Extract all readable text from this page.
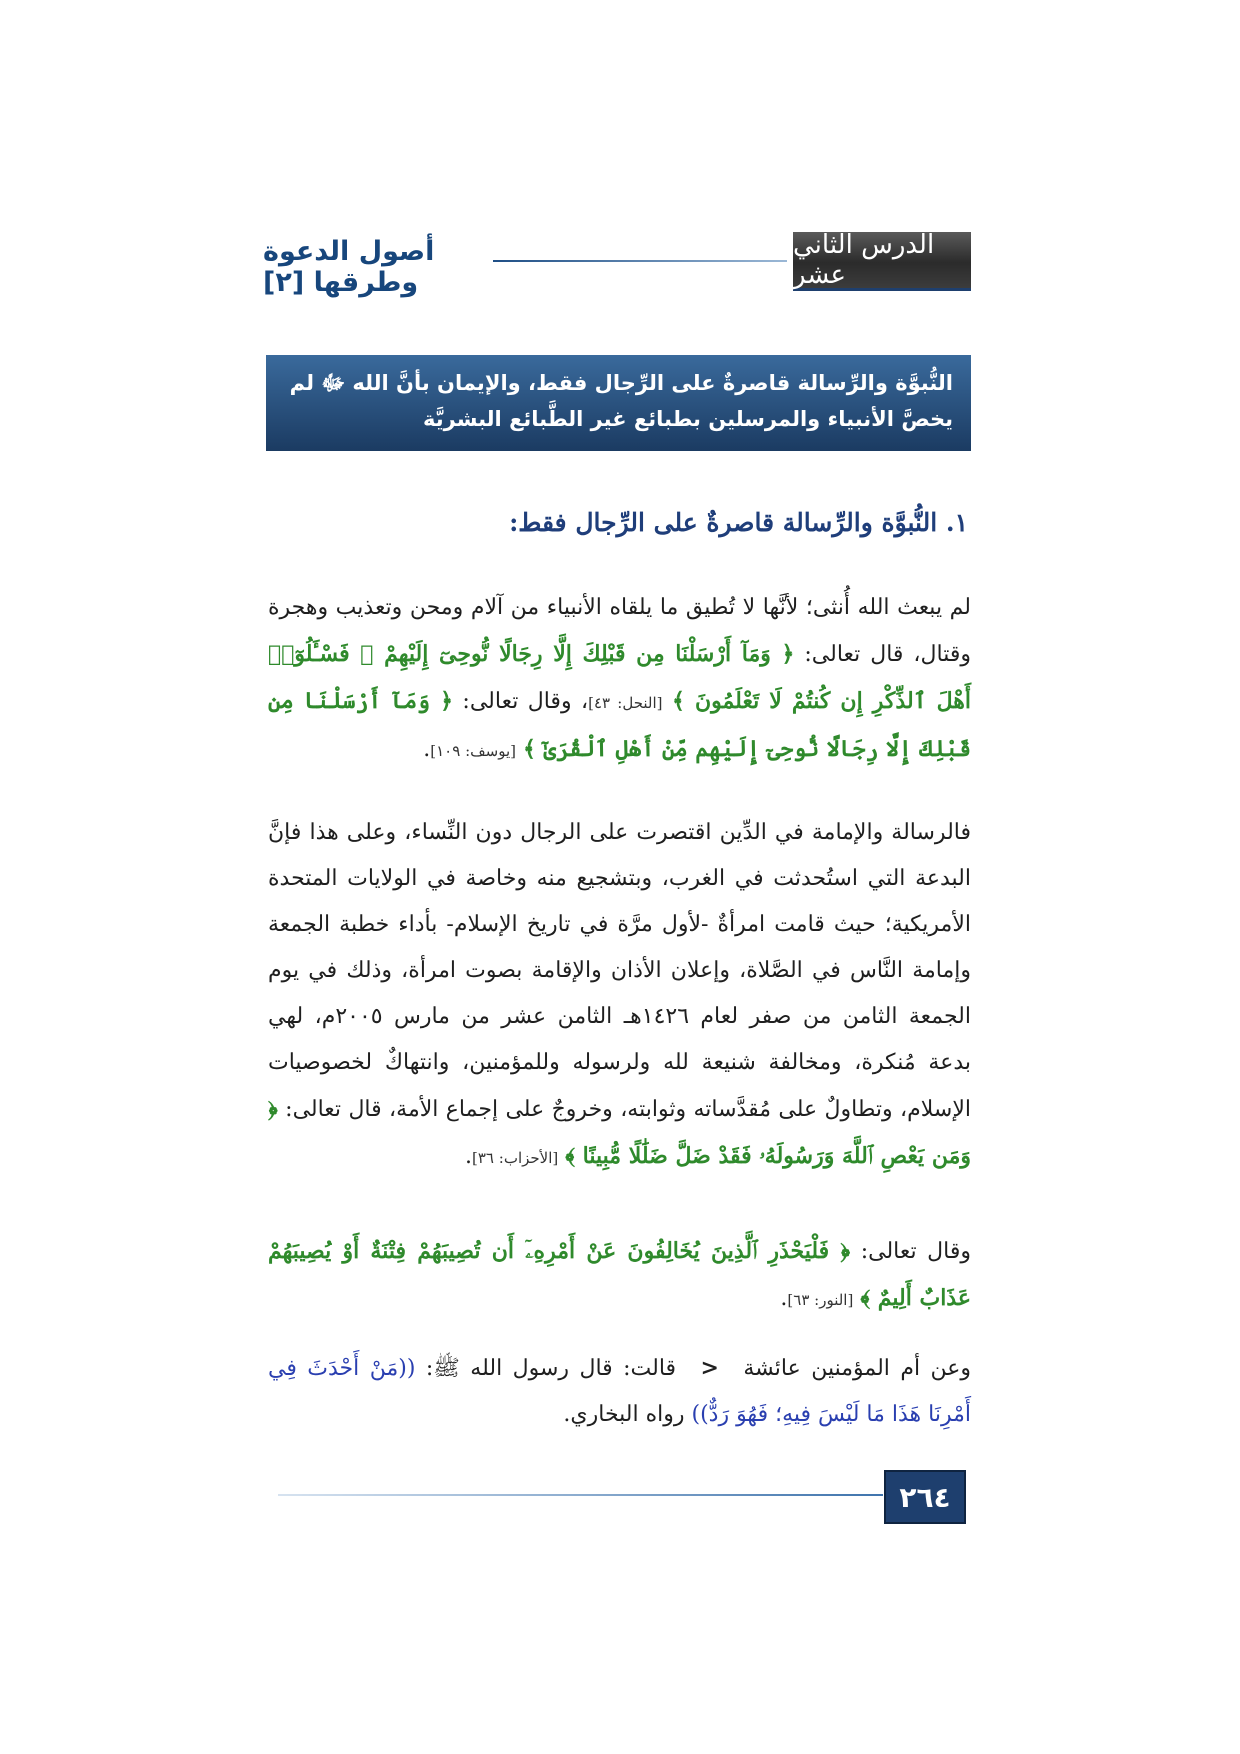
الدرس الثاني عشر
أصول الدعوة وطرقها [٢]
النُّبوَّة والرِّسالة قاصرةٌ على الرِّجال فقط، والإيمان بأنَّ الله ﷻ لم يخصَّ الأنبياء والمرسلين بطبائع غير الطَّبائع البشريَّة
١. النُّبوَّة والرِّسالة قاصرةٌ على الرِّجال فقط:
لم يبعث الله أُنثى؛ لأنَّها لا تُطيق ما يلقاه الأنبياء من آلام ومحن وتعذيب وهجرة وقتال، قال تعالى: ﴿ وَمَآ أَرْسَلْنَا مِن قَبْلِكَ إِلَّا رِجَالًا نُّوحِىٓ إِلَيْهِمْ ۚ فَسْـَٔلُوٓا۟ أَهْلَ ٱلذِّكْرِ إِن كُنتُمْ لَا تَعْلَمُونَ ﴾ [النحل: ٤٣]، وقال تعالى: ﴿ وَمَآ أَرْسَلْنَا مِن قَبْلِكَ إِلَّا رِجَالًا نُّوحِىٓ إِلَيْهِم مِّنْ أَهْلِ ٱلْقُرَىٰٓ ﴾ [يوسف: ١٠٩].
فالرسالة والإمامة في الدِّين اقتصرت على الرجال دون النِّساء، وعلى هذا فإنَّ البدعة التي استُحدثت في الغرب، وبتشجيع منه وخاصة في الولايات المتحدة الأمريكية؛ حيث قامت امرأةٌ -لأول مرَّة في تاريخ الإسلام- بأداء خطبة الجمعة وإمامة النَّاس في الصَّلاة، وإعلان الأذان والإقامة بصوت امرأة، وذلك في يوم الجمعة الثامن من صفر لعام ١٤٢٦هـ الثامن عشر من مارس ٢٠٠٥م، لهي بدعة مُنكرة، ومخالفة شنيعة لله ولرسوله وللمؤمنين، وانتهاكٌ لخصوصيات الإسلام، وتطاولٌ على مُقدَّساته وثوابته، وخروجٌ على إجماع الأمة، قال تعالى: ﴿ وَمَن يَعْصِ ٱللَّهَ وَرَسُولَهُۥ فَقَدْ ضَلَّ ضَلَٰلًا مُّبِينًا ﴾ [الأحزاب: ٣٦].
وقال تعالى: ﴿ فَلْيَحْذَرِ ٱلَّذِينَ يُخَالِفُونَ عَنْ أَمْرِهِۦٓ أَن تُصِيبَهُمْ فِتْنَةٌ أَوْ يُصِيبَهُمْ عَذَابٌ أَلِيمٌ ﴾ [النور: ٦٣].
وعن أم المؤمنين عائشة < قالت: قال رسول الله ﷺ: ((مَنْ أَحْدَثَ فِي أَمْرِنَا هَذَا مَا لَيْسَ فِيهِ؛ فَهُوَ رَدٌّ)) رواه البخاري.
٢٦٤
